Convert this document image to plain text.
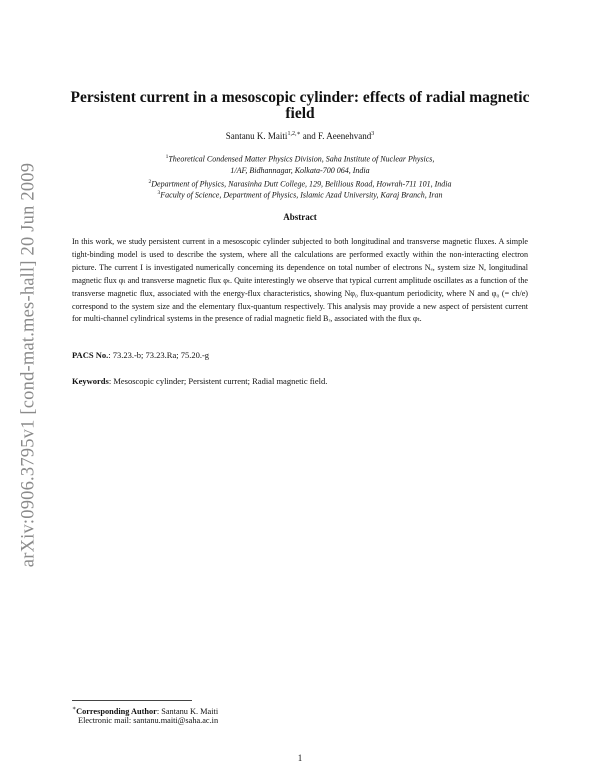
arXiv:0906.3795v1 [cond-mat.mes-hall] 20 Jun 2009
Persistent current in a mesoscopic cylinder: effects of radial magnetic field
Santanu K. Maiti$^{1,2,∗}$ and F. Aeenehvand$^3$
$^1$Theoretical Condensed Matter Physics Division, Saha Institute of Nuclear Physics,
1/AF, Bidhannagar, Kolkata-700 064, India
$^2$Department of Physics, Narasinha Dutt College, 129, Belilious Road, Howrah-711 101, India
$^3$Faculty of Science, Department of Physics, Islamic Azad University, Karaj Branch, Iran
Abstract

In this work, we study persistent current in a mesoscopic cylinder subjected to both longitudinal and transverse magnetic fluxes. A simple tight-binding model is used to describe the system, where all the calculations are performed exactly within the non-interacting electron picture. The current I is investigated numerically concerning its dependence on total number of electrons Nₑ, system size N, longitudinal magnetic flux φₗ and transverse magnetic flux φₜ. Quite interestingly we observe that typical current amplitude oscillates as a function of the transverse magnetic flux, associated with the energy-flux characteristics, showing Nφ₀ flux-quantum periodicity, where N and φ₀ (= ch/e) correspond to the system size and the elementary flux-quantum respectively. This analysis may provide a new aspect of persistent current for multi-channel cylindrical systems in the presence of radial magnetic field Bᵣ, associated with the flux φₜ.

PACS No.: 73.23.-b; 73.23.Ra; 75.20.-g
Keywords: Mesoscopic cylinder; Persistent current; Radial magnetic field.
∗Corresponding Author: Santanu K. Maiti
Electronic mail: santanu.maiti@saha.ac.in
1
